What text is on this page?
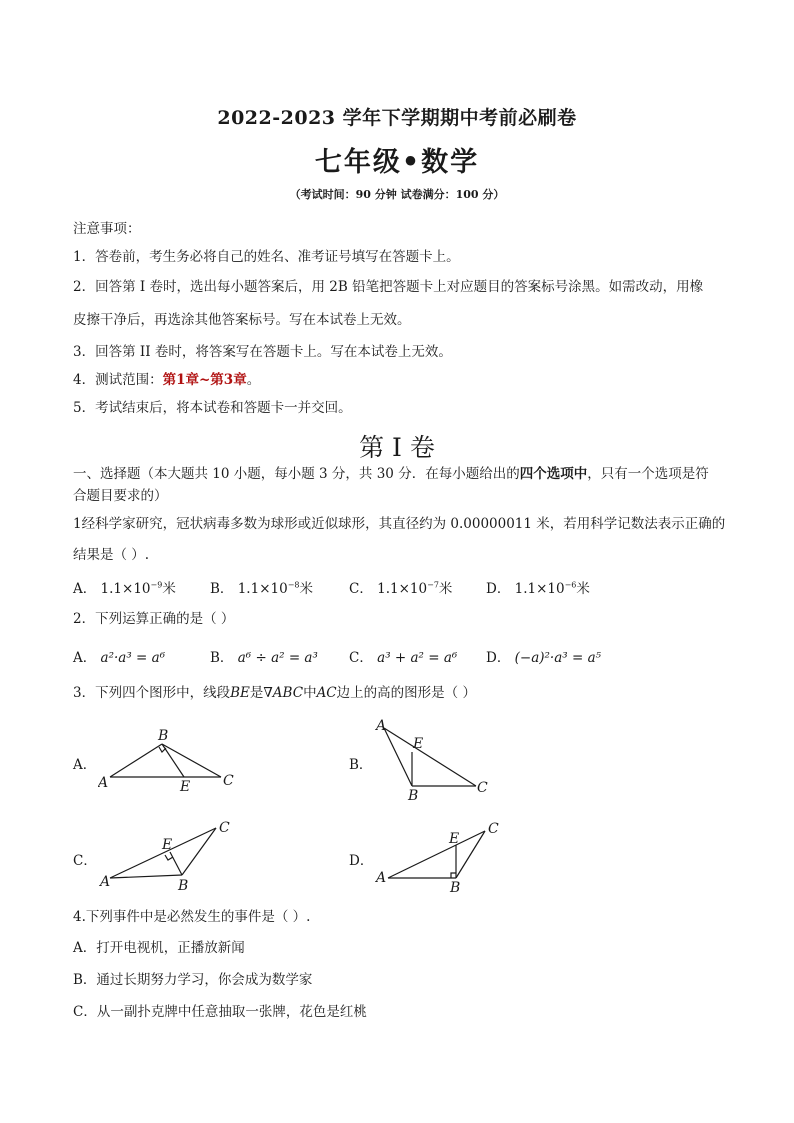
2022-2023 学年下学期期中考前必刷卷
七年级•数学
（考试时间：90 分钟 试卷满分：100 分）
注意事项：
1．答卷前，考生务必将自己的姓名、准考证号填写在答题卡上。
2．回答第 I 卷时，选出每小题答案后，用 2B 铅笔把答题卡上对应题目的答案标号涂黑。如需改动，用橡
皮擦干净后，再选涂其他答案标号。写在本试卷上无效。
3．回答第 II 卷时，将答案写在答题卡上。写在本试卷上无效。
4．测试范围：第1章~第3章。
5．考试结束后，将本试卷和答题卡一并交回。
第 I 卷
一、选择题（本大题共 10 小题，每小题 3 分，共 30 分．在每小题给出的四个选项中，只有一个选项是符
合题目要求的）
1经科学家研究，冠状病毒多数为球形或近似球形，其直径约为 0.00000011 米，若用科学记数法表示正确的
结果是（ ）.
A． $1.1\times 10^{-9}$米	B． $1.1\times 10^{-8}$米	C． $1.1\times 10^{-7}$米 D． $1.1\times 10^{-6}$米
2．下列运算正确的是（ ）
A． a²·a³ = a⁶	B． a⁶ ÷ a² = a³ C． a³ + a² = a⁶ D． (−a)²·a³ = a⁵
3．下列四个图形中，线段BE是∇ABC中AC边上的高的图形是（ ）
A．
A
B
C
E
B．
A
B	C
E
C．
A	B
C
E
D．
A
B
C
E
4.下列事件中是必然发生的事件是（ ）.
A．打开电视机，正播放新闻
B．通过长期努力学习，你会成为数学家
C．从一副扑克牌中任意抽取一张牌，花色是红桃
